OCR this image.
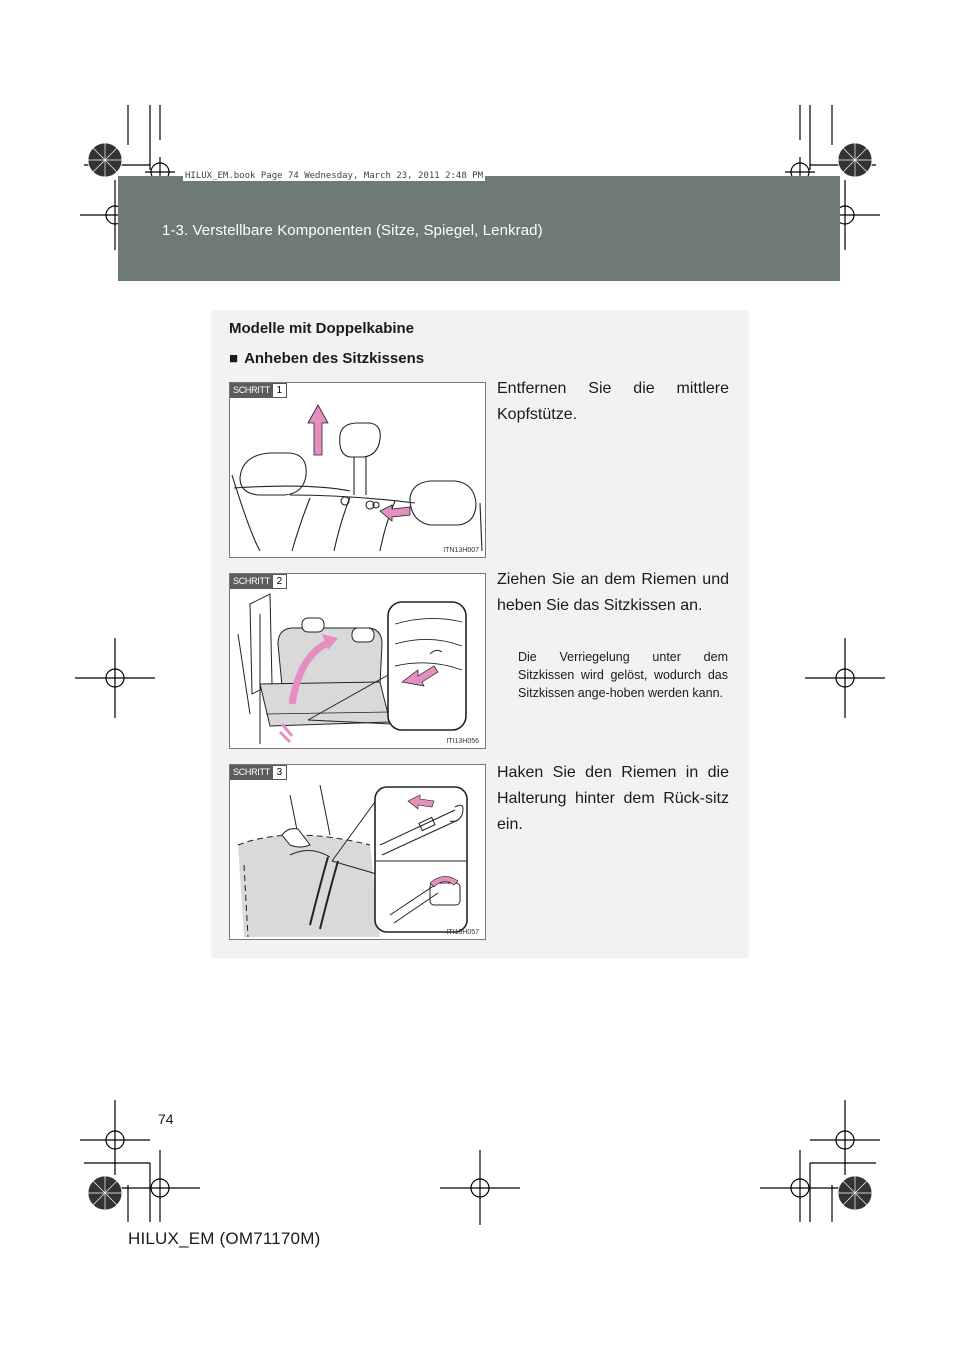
1-3. Verstellbare Komponenten (Sitze, Spiegel, Lenkrad)
HILUX_EM.book Page 74 Wednesday, March 23, 2011 2:48 PM
Modelle mit Doppelkabine
■ Anheben des Sitzkissens
SCHRITT 1
ITN13H007
SCHRITT 2
ITI13H056
SCHRITT 3
ITI13H057

Entfernen Sie die mittlere Kopfstütze.

Ziehen Sie an dem Riemen und heben Sie das Sitzkissen an.

Die Verriegelung unter dem Sitzkissen wird gelöst, wodurch das Sitzkissen ange-hoben werden kann.

Haken Sie den Riemen in die Halterung hinter dem Rück-sitz ein.

74
HILUX_EM (OM71170M)
